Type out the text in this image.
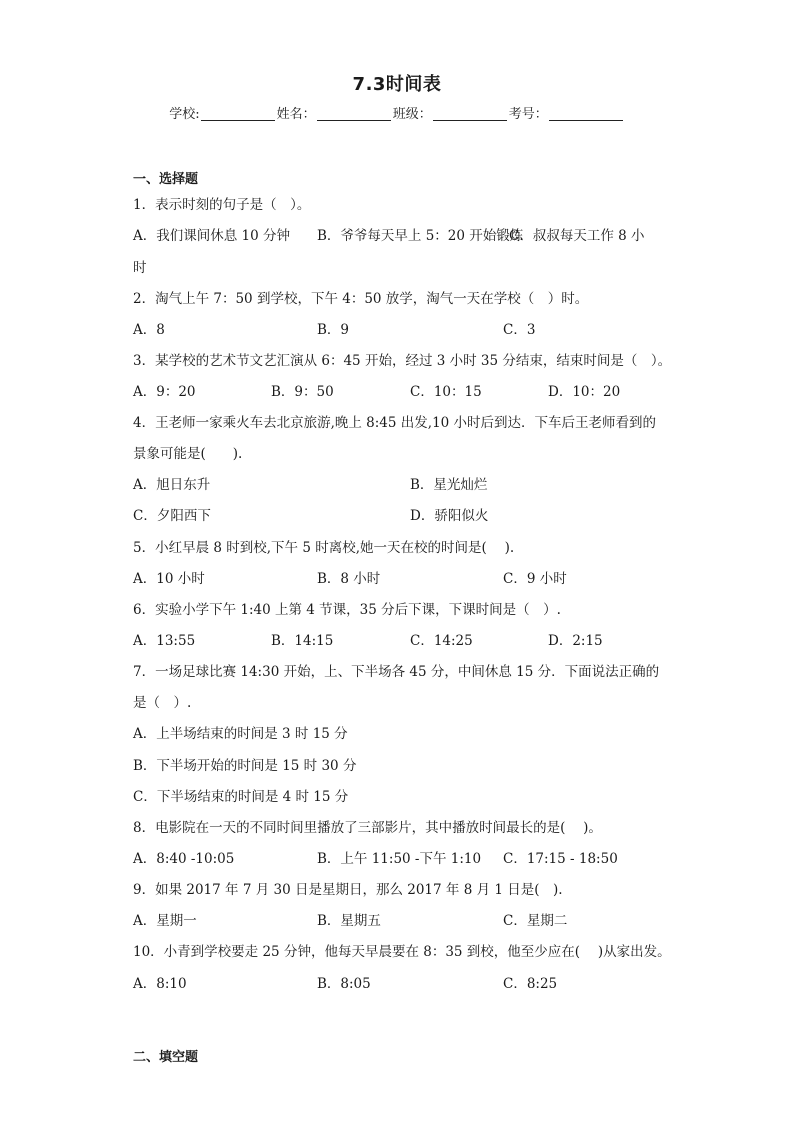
7.3时间表
学校:	姓名：	班级：	考号：
一、选择题
1．表示时刻的句子是（　）。
A．我们课间休息 10 分钟 B．爷爷每天早上 5：20 开始锻炼
C．叔叔每天工作 8 小
时
2．淘气上午 7：50 到学校，下午 4：50 放学，淘气一天在学校（　）时。
A．8	B．9	C．3
3．某学校的艺术节文艺汇演从 6：45 开始，经过 3 小时 35 分结束，结束时间是（　）。
A．9：20	B．9：50	C．10：15	D．10：20
4．王老师一家乘火车去北京旅游,晚上 8:45 出发,10 小时后到达．下车后王老师看到的
景象可能是(　　).
A．旭日东升	B．星光灿烂
C．夕阳西下	D．骄阳似火
5．小红早晨 8 时到校,下午 5 时离校,她一天在校的时间是(　 ).
A．10 小时	B．8 小时	C．9 小时
6．实验小学下午 1:40 上第 4 节课，35 分后下课，下课时间是（　）.
A．13:55	B．14:15	C．14:25	D．2:15
7．一场足球比赛 14:30 开始，上、下半场各 45 分，中间休息 15 分．下面说法正确的
是（　）.
A．上半场结束的时间是 3 时 15 分
B．下半场开始的时间是 15 时 30 分
C．下半场结束的时间是 4 时 15 分
8．电影院在一天的不同时间里播放了三部影片，其中播放时间最长的是(　 )。
A．8:40 -10:05	B．上午 11:50 -下午 1:10 C．17:15 - 18:50
9．如果 2017 年 7 月 30 日是星期日，那么 2017 年 8 月 1 日是(　).
A．星期一	B．星期五	C．星期二
10．小青到学校要走 25 分钟，他每天早晨要在 8：35 到校，他至少应在(　 )从家出发。
A．8:10	B．8:05	C．8:25
二、填空题
